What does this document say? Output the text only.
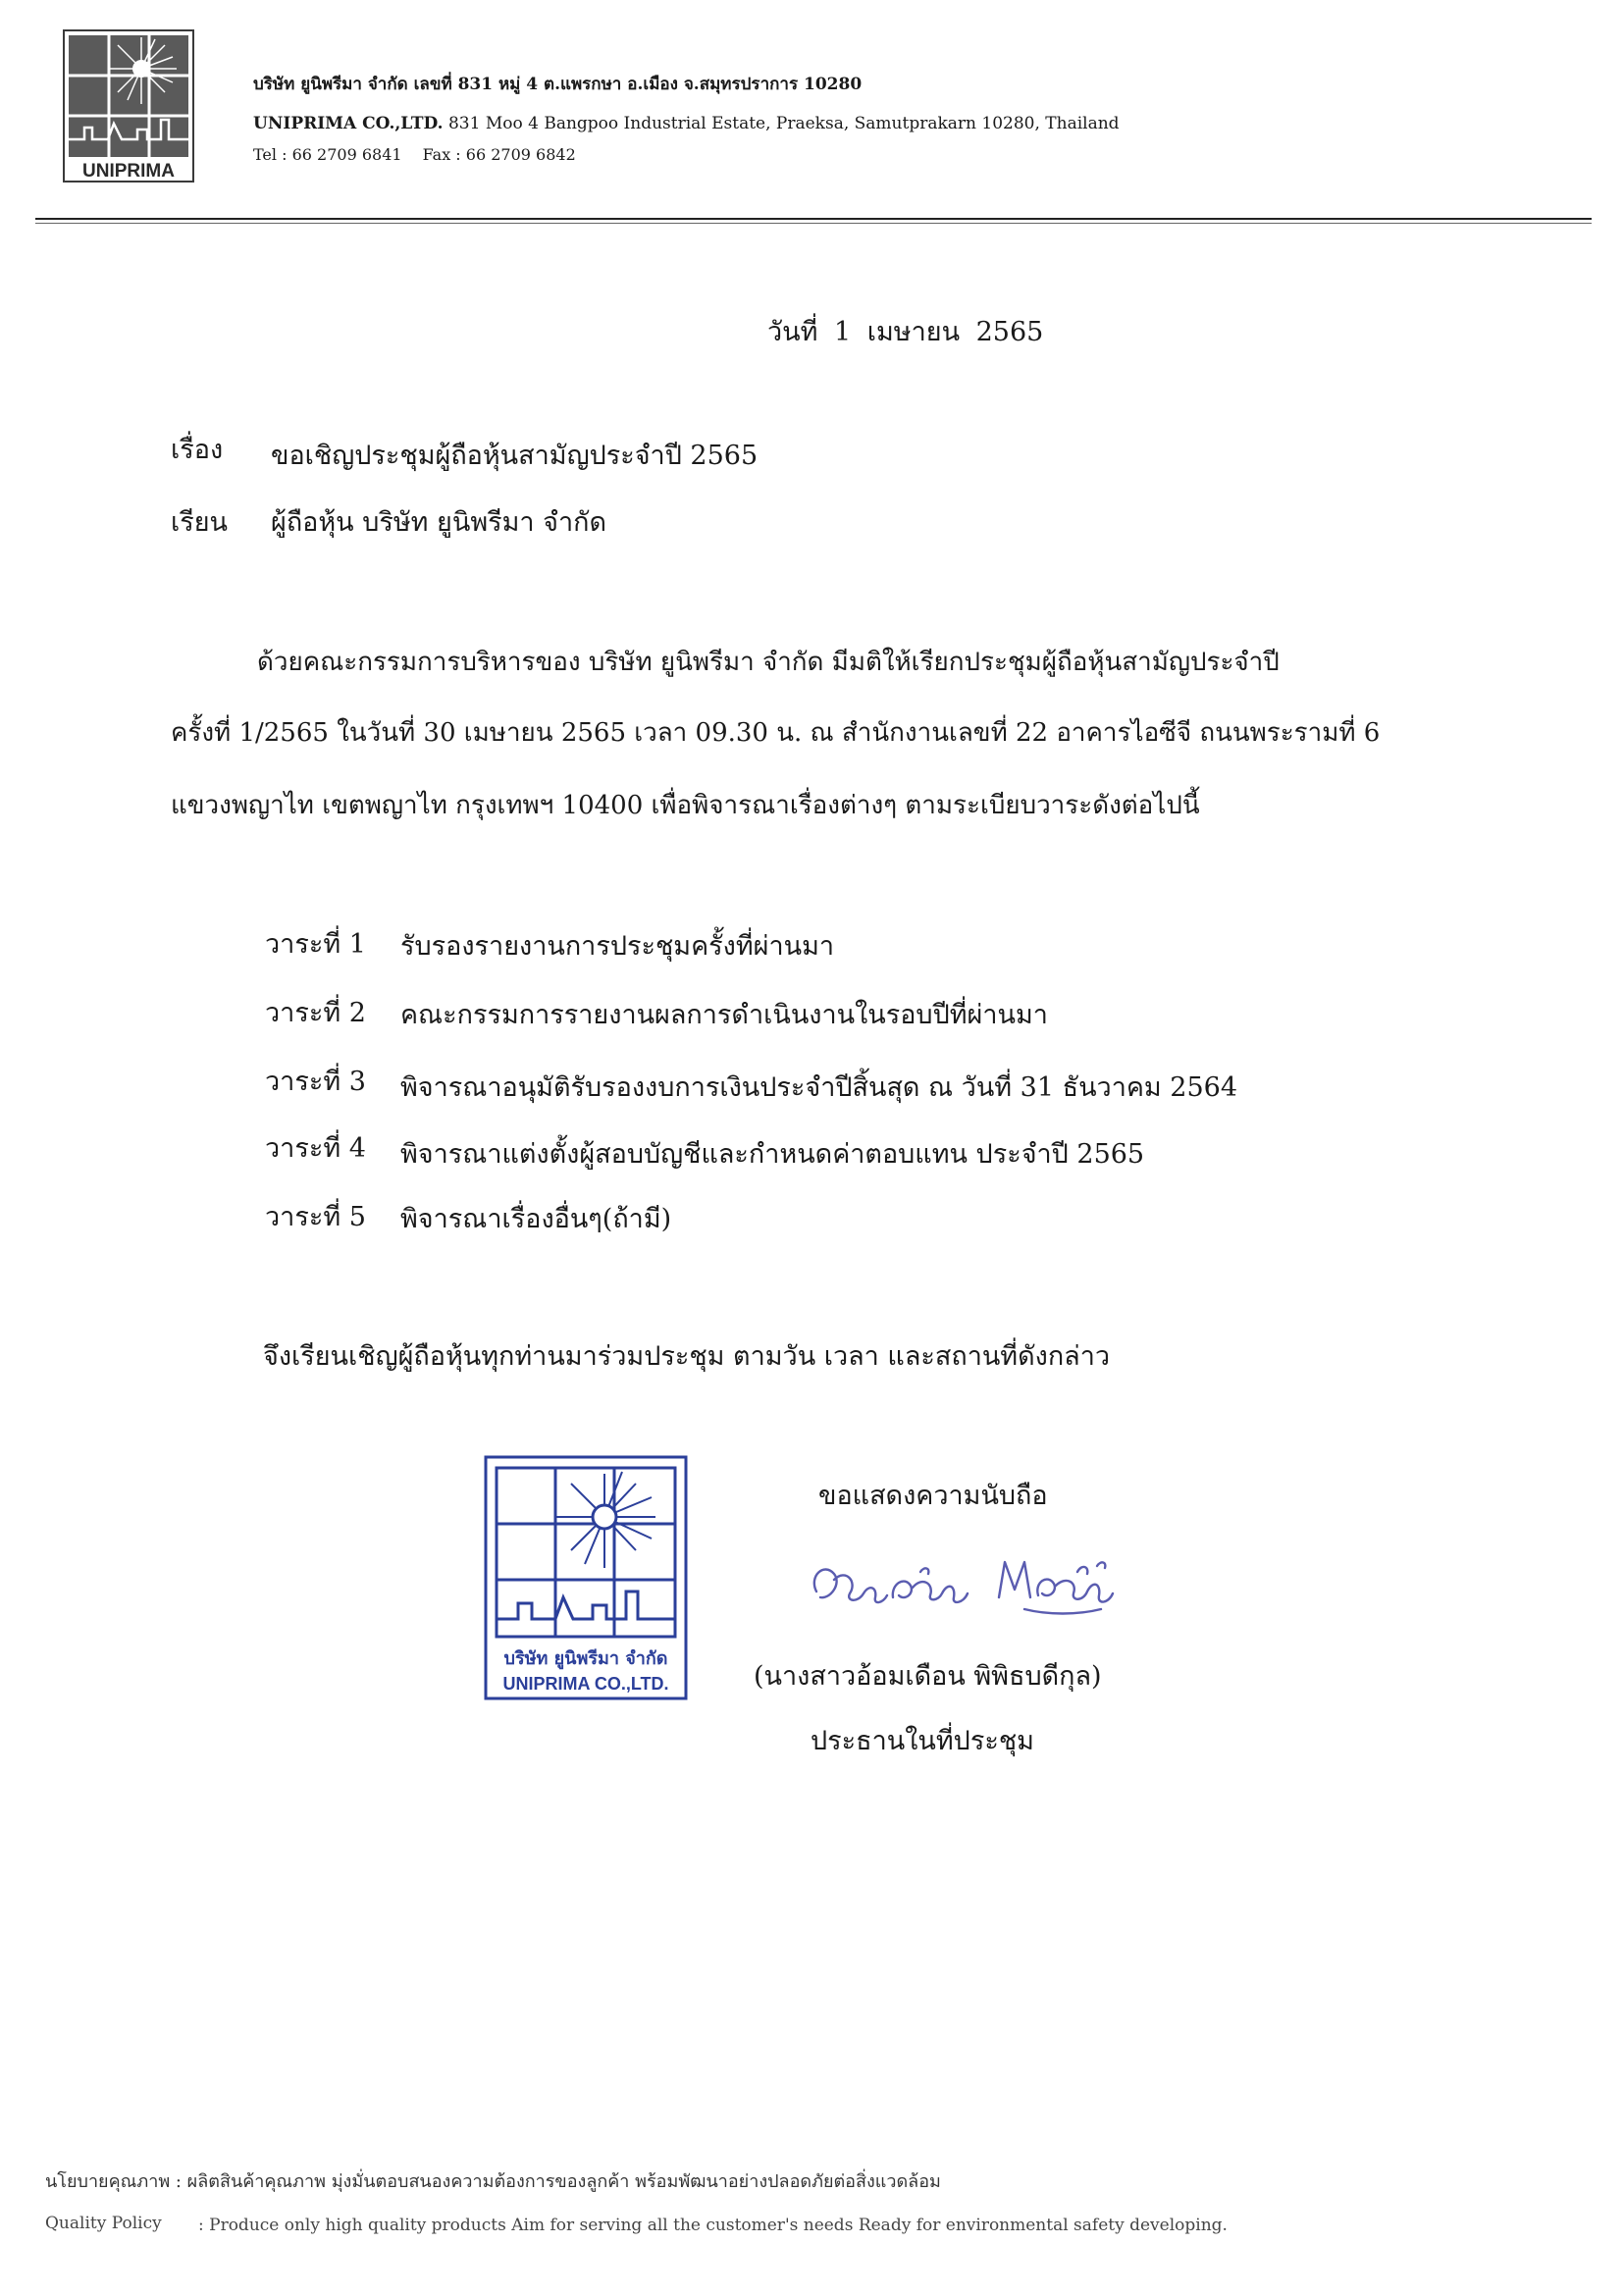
UNIPRIMA
บริษัท ยูนิพรีมา จำกัด เลขที่ 831 หมู่ 4 ต.แพรกษา อ.เมือง จ.สมุทรปราการ 10280
UNIPRIMA CO.,LTD. 831 Moo 4 Bangpoo Industrial Estate, Praeksa, Samutprakarn 10280, Thailand
Tel : 66 2709 6841 Fax : 66 2709 6842
วันที่ 1 เมษายน 2565
เรื่อง ขอเชิญประชุมผู้ถือหุ้นสามัญประจำปี 2565
เรียน ผู้ถือหุ้น บริษัท ยูนิพรีมา จำกัด
ด้วยคณะกรรมการบริหารของ บริษัท ยูนิพรีมา จำกัด มีมติให้เรียกประชุมผู้ถือหุ้นสามัญประจำปี
ครั้งที่ 1/2565 ในวันที่ 30 เมษายน 2565 เวลา 09.30 น. ณ สำนักงานเลขที่ 22 อาคารไอซีจี ถนนพระรามที่ 6
แขวงพญาไท เขตพญาไท กรุงเทพฯ 10400 เพื่อพิจารณาเรื่องต่างๆ ตามระเบียบวาระดังต่อไปนี้
วาระที่ 1 รับรองรายงานการประชุมครั้งที่ผ่านมา
วาระที่ 2 คณะกรรมการรายงานผลการดำเนินงานในรอบปีที่ผ่านมา
วาระที่ 3 พิจารณาอนุมัติรับรองงบการเงินประจำปีสิ้นสุด ณ วันที่ 31 ธันวาคม 2564
วาระที่ 4 พิจารณาแต่งตั้งผู้สอบบัญชีและกำหนดค่าตอบแทน ประจำปี 2565
วาระที่ 5 พิจารณาเรื่องอื่นๆ(ถ้ามี)
จึงเรียนเชิญผู้ถือหุ้นทุกท่านมาร่วมประชุม ตามวัน เวลา และสถานที่ดังกล่าว
บริษัท ยูนิพรีมา จำกัด
UNIPRIMA CO.,LTD.
ขอแสดงความนับถือ
อ้อมเดือน พิพิธบดีกุล
(นางสาวอ้อมเดือน พิพิธบดีกุล)
ประธานในที่ประชุม
นโยบายคุณภาพ : ผลิตสินค้าคุณภาพ มุ่งมั่นตอบสนองความต้องการของลูกค้า พร้อมพัฒนาอย่างปลอดภัยต่อสิ่งแวดล้อม
Quality Policy : Produce only high quality products Aim for serving all the customer's needs Ready for environmental safety developing.
